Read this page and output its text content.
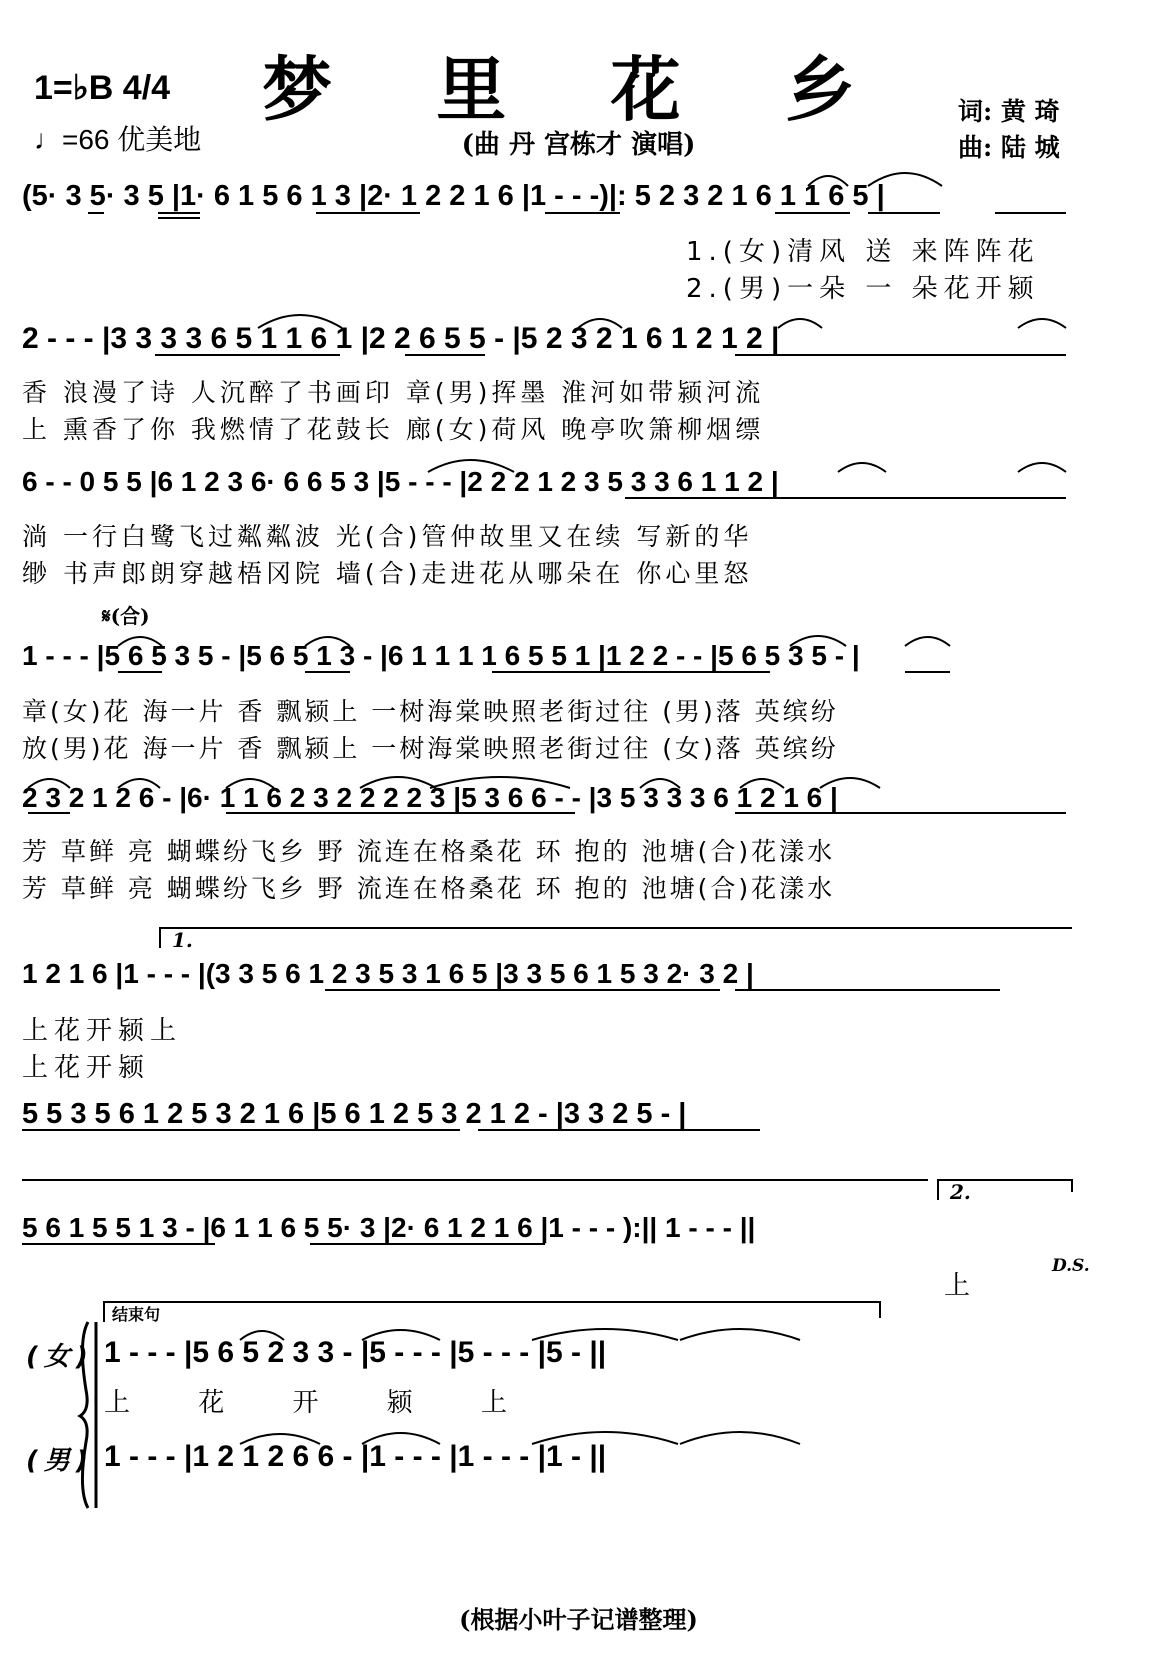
梦 里 花 乡
(曲 丹 宫栋才 演唱)
1=♭B 4/4
♩=66 优美地
词: 黄 琦
曲: 陆 城
(5· 3 5· 3 5 |1· 6 1 5 6 1 3 |2· 1 2 2 1 6 |1 - - -)|: 5 2 3 2 1 6 1 1 6 5 |
1.(女)清风 送 来阵阵花
2.(男)一朵 一 朵花开颍
2 - - - |3 3 3 3 6 5 1 1 6 1 |2 2 6 5 5 - |5 2 3 2 1 6 1 2 1 2 |
香 浪漫了诗 人沉醉了书画印 章(男)挥墨 淮河如带颍河流
上 熏香了你 我燃情了花鼓长 廊(女)荷风 晚亭吹箫柳烟缥
6 - - 0 5 5 |6 1 2 3 6· 6 6 5 3 |5 - - - |2 2 2 1 2 3 5 3 3 6 1 1 2 |
淌 一行白鹭飞过粼粼波 光(合)管仲故里又在续 写新的华
缈 书声郎朗穿越梧冈院 墙(合)走进花从哪朵在 你心里怒
𝄋(合)
1 - - - |5 6 5 3 5 - |5 6 5 1 3 - |6 1 1 1 1 6 5 5 1 |1 2 2 - - |5 6 5 3 5 - |
章(女)花 海一片 香 飘颍上 一树海棠映照老街过往 (男)落 英缤纷
放(男)花 海一片 香 飘颍上 一树海棠映照老街过往 (女)落 英缤纷
2 3 2 1 2 6 - |6· 1 1 6 2 3 2 2 2 2 3 |5 3 6 6 - - |3 5 3 3 3 6 1 2 1 6 |
芳 草鲜 亮 蝴蝶纷飞乡 野 流连在格桑花 环 抱的 池塘(合)花漾水
芳 草鲜 亮 蝴蝶纷飞乡 野 流连在格桑花 环 抱的 池塘(合)花漾水
1.
1 2 1 6 |1 - - - |(3 3 5 6 1 2 3 5 3 1 6 5 |3 3 5 6 1 5 3 2· 3 2 |
上花开颍上
上花开颍
5 5 3 5 6 1 2 5 3 2 1 6 |5 6 1 2 5 3 2 1 2 - |3 3 2 5 - |
2.
5 6 1 5 5 1 3 - |6 1 1 6 5 5· 3 |2· 6 1 2 1 6 |1 - - - ):|| 1 - - - ||
上
D.S.
结束句
(女) 1 - - - |5 6 5 2 3 3 - |5 - - - |5 - - - |5 - ||
上 花 开 颍 上
(男) 1 - - - |1 2 1 2 6 6 - |1 - - - |1 - - - |1 - ||
(根据小叶子记谱整理)
